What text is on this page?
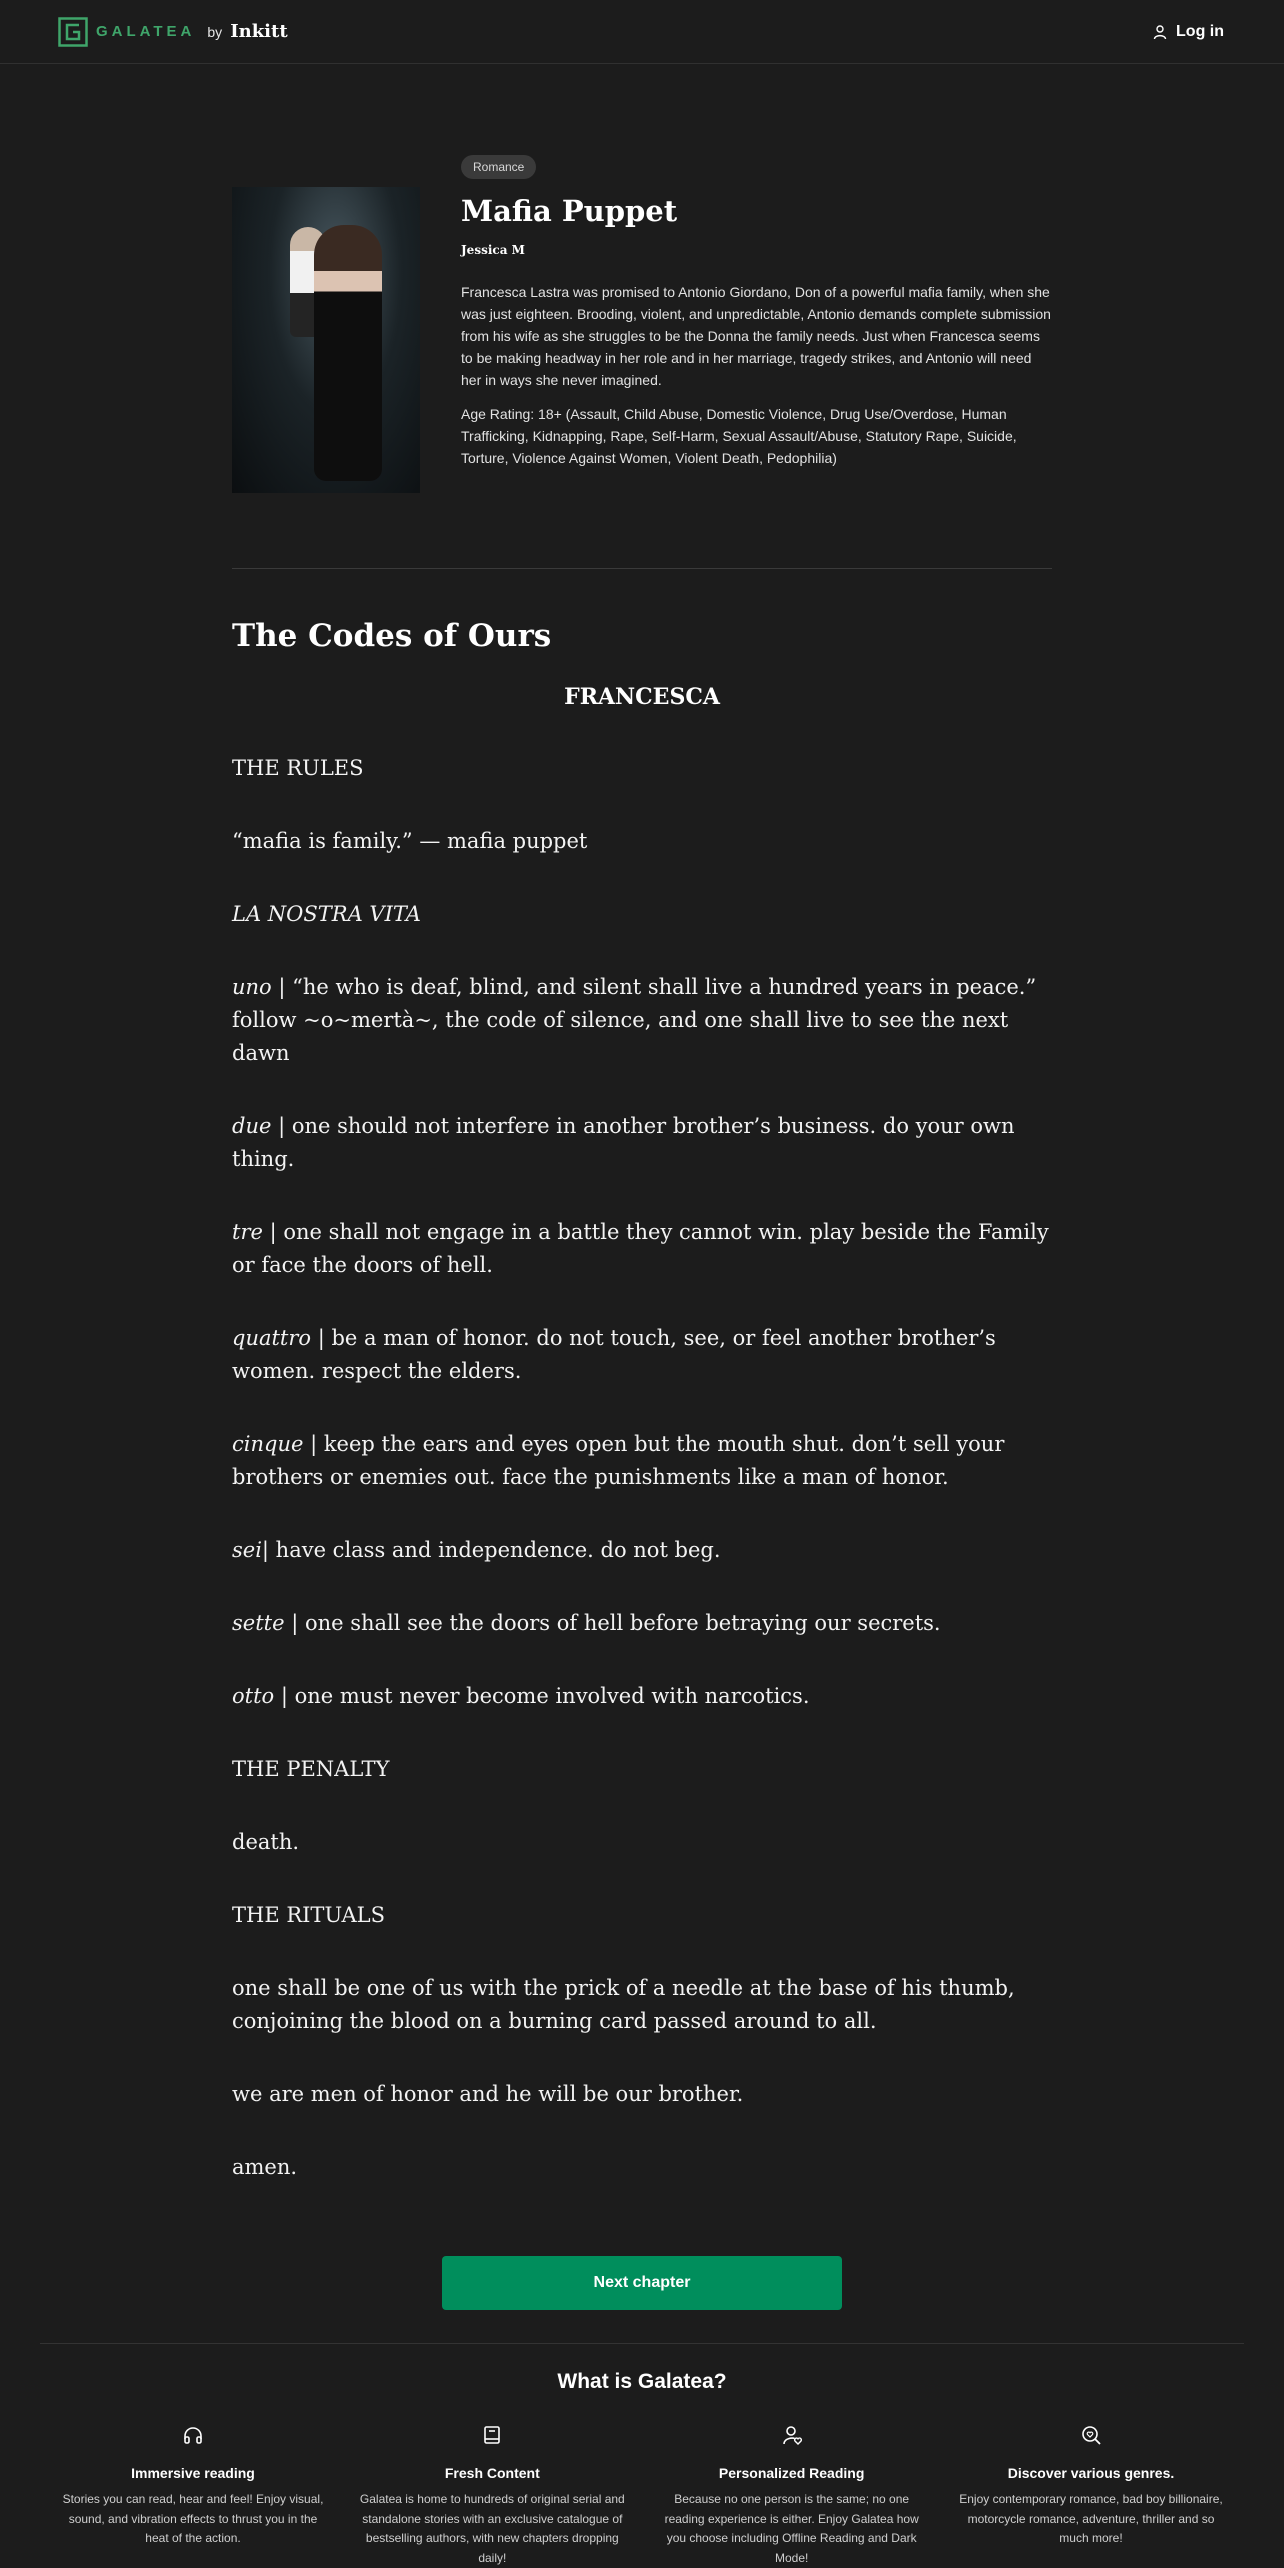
GALATEA by Inkitt	Log in
Romance
Mafia Puppet
Jessica M
Francesca Lastra was promised to Antonio Giordano, Don of a powerful mafia family, when she was just eighteen. Brooding, violent, and unpredictable, Antonio demands complete submission from his wife as she struggles to be the Donna the family needs. Just when Francesca seems to be making headway in her role and in her marriage, tragedy strikes, and Antonio will need her in ways she never imagined.
Age Rating: 18+ (Assault, Child Abuse, Domestic Violence, Drug Use/Overdose, Human Trafficking, Kidnapping, Rape, Self-Harm, Sexual Assault/Abuse, Statutory Rape, Suicide, Torture, Violence Against Women, Violent Death, Pedophilia)
The Codes of Ours
FRANCESCA

THE RULES

“mafia is family.” — mafia puppet

LA NOSTRA VITA

uno | “he who is deaf, blind, and silent shall live a hundred years in peace.” follow ~o~mertà~, the code of silence, and one shall live to see the next dawn

due | one should not interfere in another brother’s business. do your own thing.

tre | one shall not engage in a battle they cannot win. play beside the Family or face the doors of hell.

quattro | be a man of honor. do not touch, see, or feel another brother’s women. respect the elders.

cinque | keep the ears and eyes open but the mouth shut. don’t sell your brothers or enemies out. face the punishments like a man of honor.

sei| have class and independence. do not beg.

sette | one shall see the doors of hell before betraying our secrets.

otto | one must never become involved with narcotics.

THE PENALTY

death.

THE RITUALS

one shall be one of us with the prick of a needle at the base of his thumb, conjoining the blood on a burning card passed around to all.

we are men of honor and he will be our brother.

amen.

Next chapter
What is Galatea?
Immersive reading
Stories you can read, hear and feel! Enjoy visual, sound, and vibration effects to thrust you in the heat of the action.
Fresh Content
Galatea is home to hundreds of original serial and standalone stories with an exclusive catalogue of bestselling authors, with new chapters dropping daily!
Personalized Reading
Because no one person is the same; no one reading experience is either. Enjoy Galatea how you choose including Offline Reading and Dark Mode!
Discover various genres.
Enjoy contemporary romance, bad boy billionaire, motorcycle romance, adventure, thriller and so much more!
